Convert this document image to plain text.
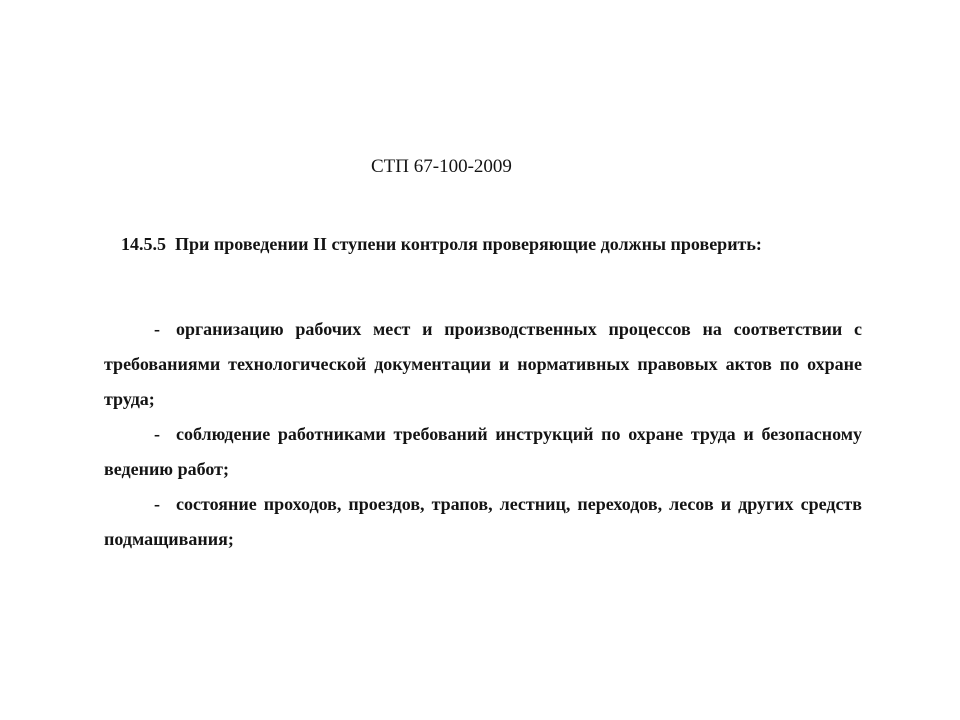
СТП 67-100-2009
14.5.5 При проведении II ступени контроля проверяющие должны проверить:

- организацию рабочих мест и производственных процессов на соответствии с требованиями технологической документации и нормативных правовых актов по охране труда;

- соблюдение работниками требований инструкций по охране труда и безопасному ведению работ;

- состояние проходов, проездов, трапов, лестниц, переходов, лесов и других средств подмащивания;
